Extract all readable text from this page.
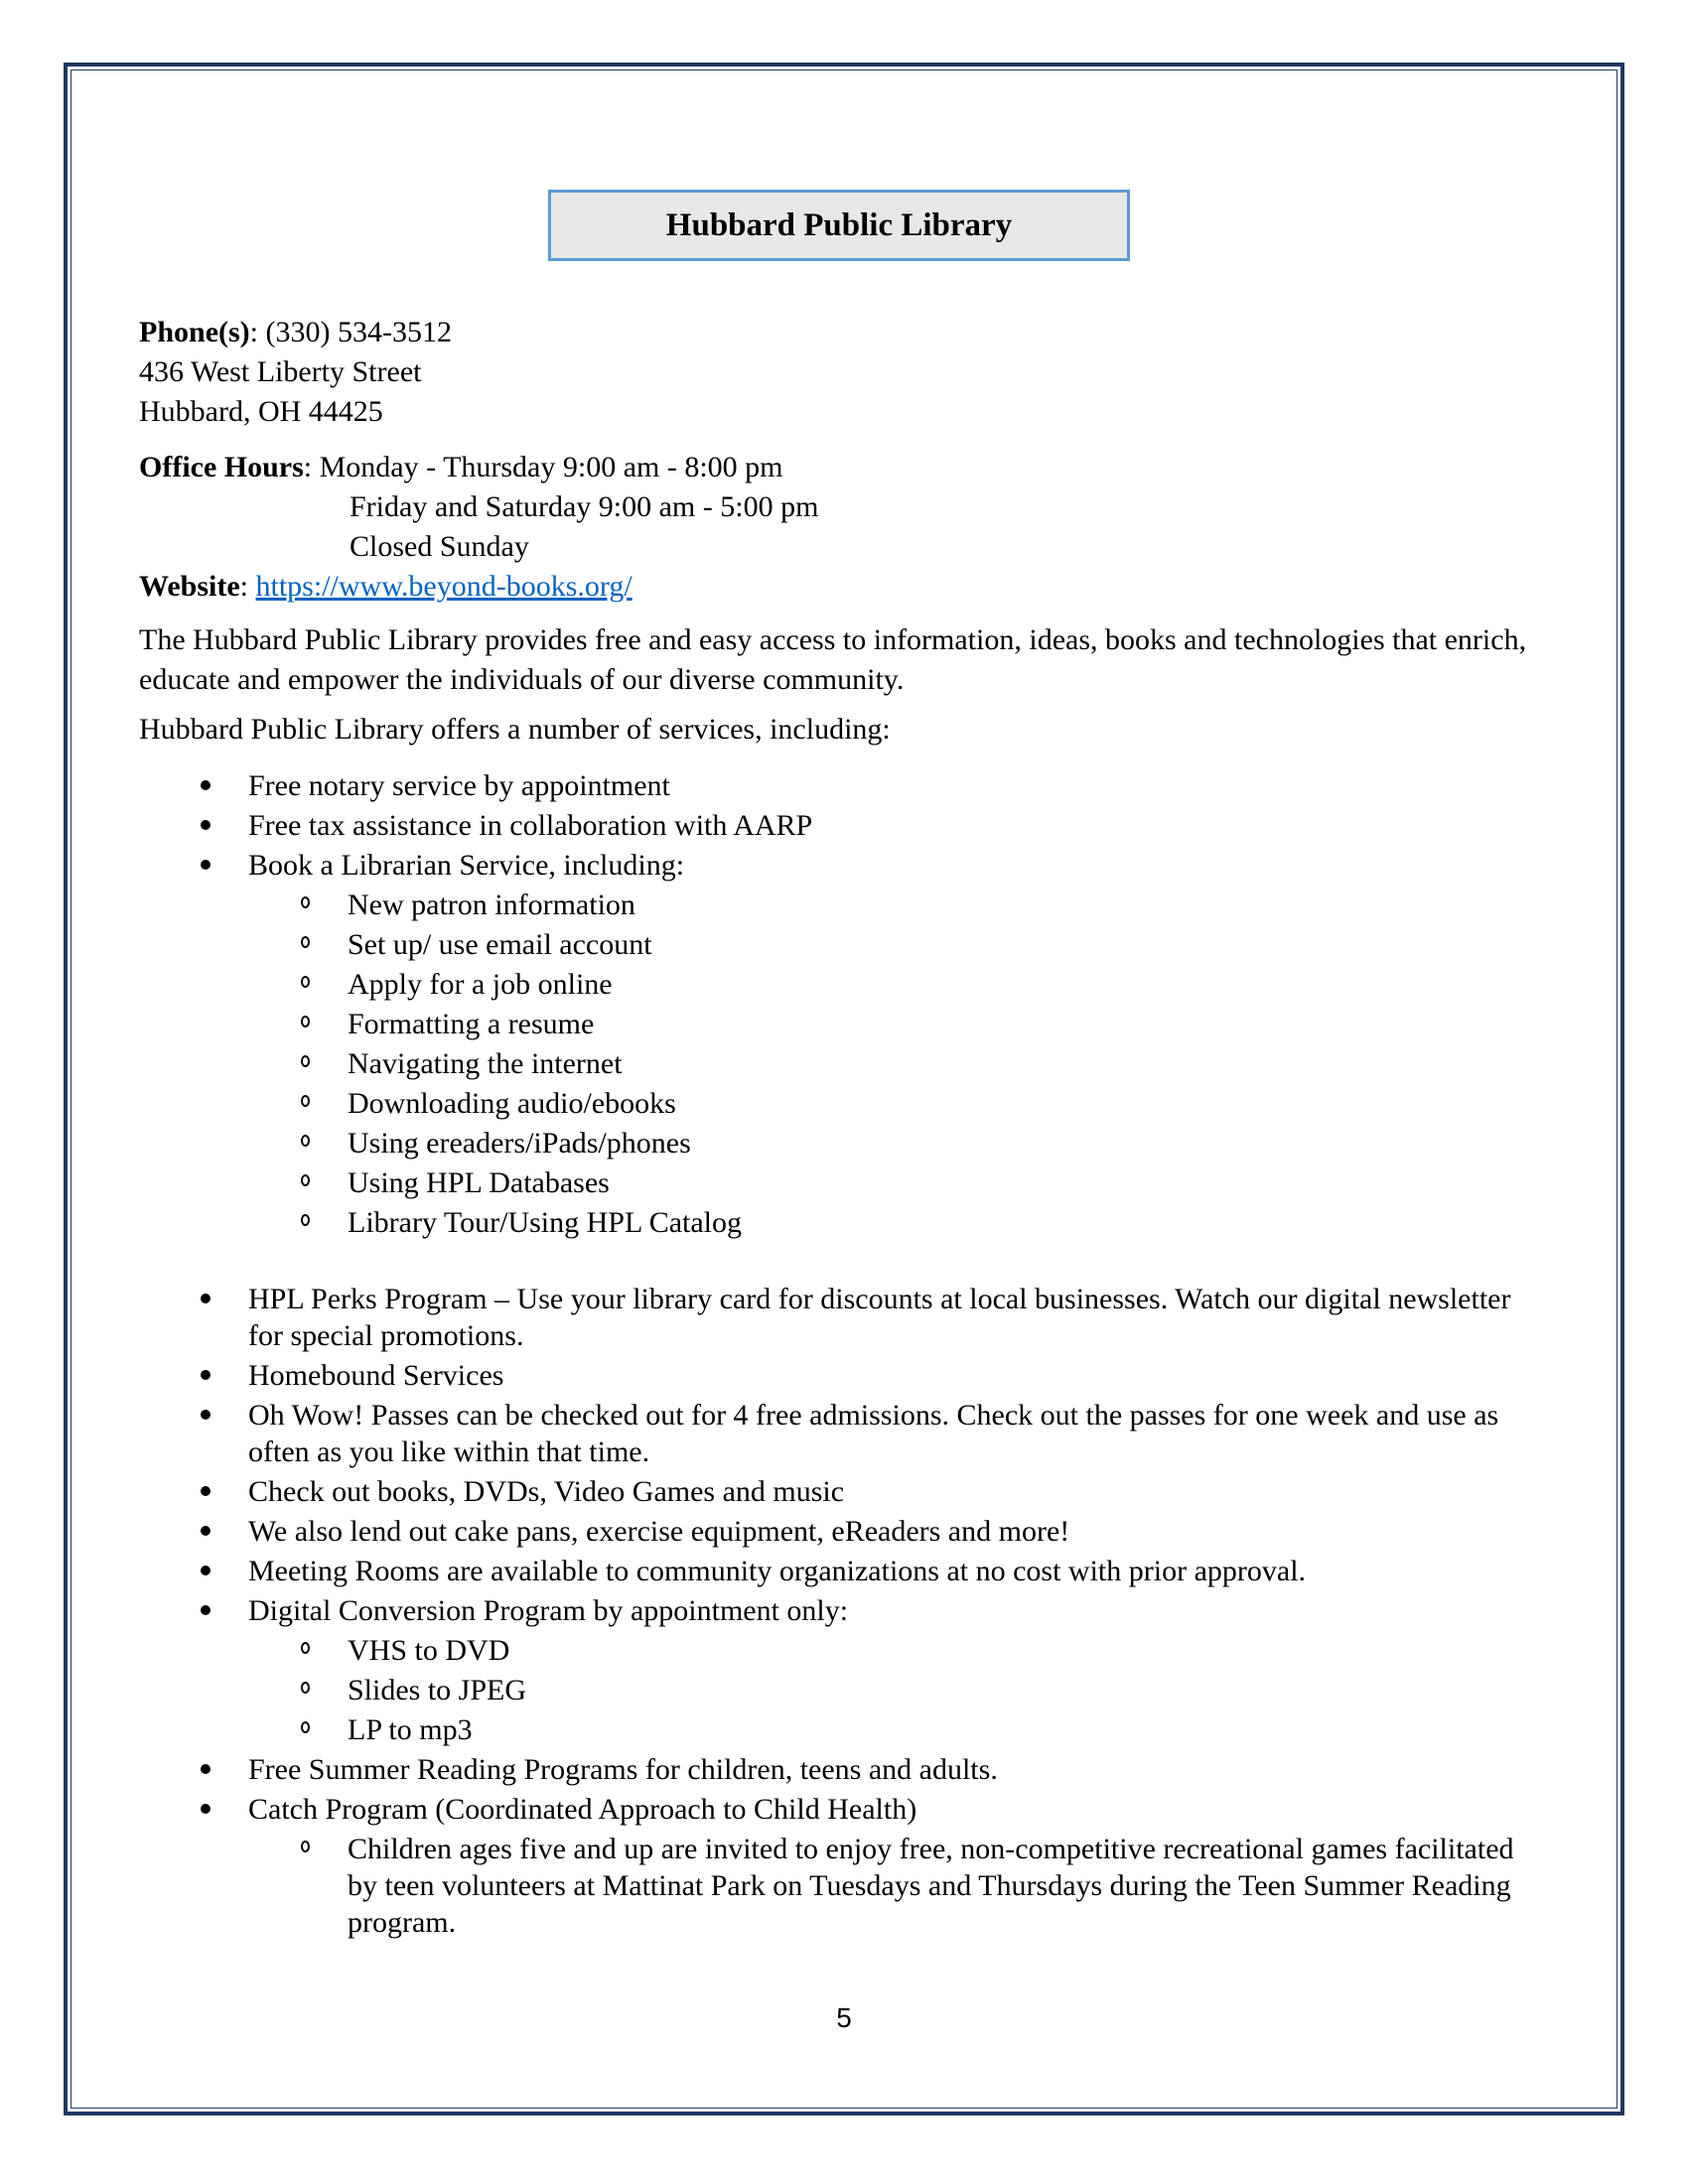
Hubbard Public Library
Phone(s): (330) 534-3512
436 West Liberty Street
Hubbard, OH 44425
Office Hours: Monday - Thursday 9:00 am - 8:00 pm
Friday and Saturday 9:00 am - 5:00 pm
Closed Sunday
Website: https://www.beyond-books.org/
The Hubbard Public Library provides free and easy access to information, ideas, books and technologies that enrich, educate and empower the individuals of our diverse community.
Hubbard Public Library offers a number of services, including:
Free notary service by appointment
Free tax assistance in collaboration with AARP
Book a Librarian Service, including:
New patron information
Set up/ use email account
Apply for a job online
Formatting a resume
Navigating the internet
Downloading audio/ebooks
Using ereaders/iPads/phones
Using HPL Databases
Library Tour/Using HPL Catalog
HPL Perks Program – Use your library card for discounts at local businesses. Watch our digital newsletter for special promotions.
Homebound Services
Oh Wow! Passes can be checked out for 4 free admissions. Check out the passes for one week and use as often as you like within that time.
Check out books, DVDs, Video Games and music
We also lend out cake pans, exercise equipment, eReaders and more!
Meeting Rooms are available to community organizations at no cost with prior approval.
Digital Conversion Program by appointment only:
VHS to DVD
Slides to JPEG
LP to mp3
Free Summer Reading Programs for children, teens and adults.
Catch Program (Coordinated Approach to Child Health)
Children ages five and up are invited to enjoy free, non-competitive recreational games facilitated by teen volunteers at Mattinat Park on Tuesdays and Thursdays during the Teen Summer Reading program.
5
